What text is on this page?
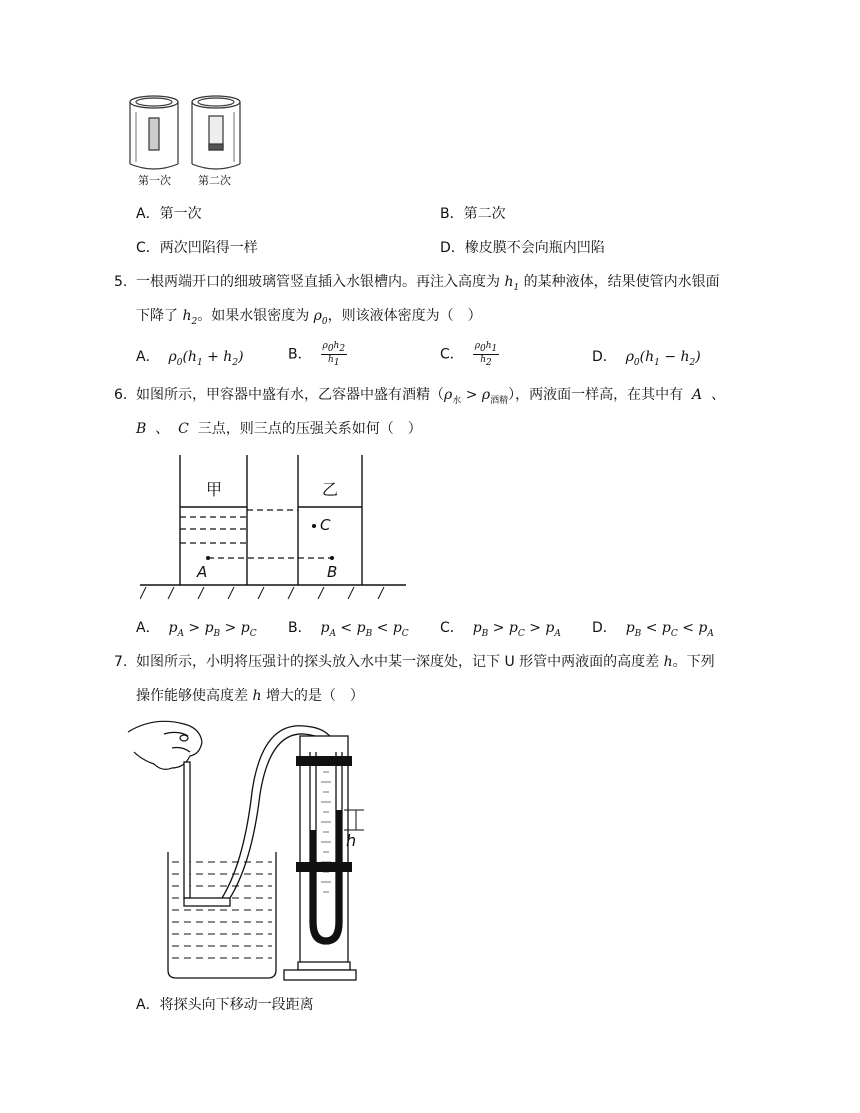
第一次 第二次
A．第一次	B．第二次
C．两次凹陷得一样	D．橡皮膜不会向瓶内凹陷
5. 一根两端开口的细玻璃管竖直插入水银槽内。再注入高度为 $h_1$ 的某种液体，结果使管内水银面
下降了 $h_2$。如果水银密度为 $\rho_0$，则该液体密度为（　）
A． $\rho_0(h_1 + h_2)$	B． $\frac{\rho_0h_2}{h_1}$	C． $\frac{\rho_0h_1}{h_2}$	D． $\rho_0(h_1 - h_2)$
6. 如图所示，甲容器中盛有水，乙容器中盛有酒精$(\rho_水 > \rho_{酒精})$，两液面一样高，在其中有  A  、
B  、  C  三点，则三点的压强关系如何（　）
甲	乙
A	B
C
A． $p_A > p_B > p_C$ B． $p_A < p_B < p_C$ C． $p_B > p_C > p_A$ D． $p_B < p_C < p_A$
7. 如图所示，小明将压强计的探头放入水中某一深度处，记下 U 形管中两液面的高度差 h。下列
操作能够使高度差 h 增大的是（　）
h
A．将探头向下移动一段距离
